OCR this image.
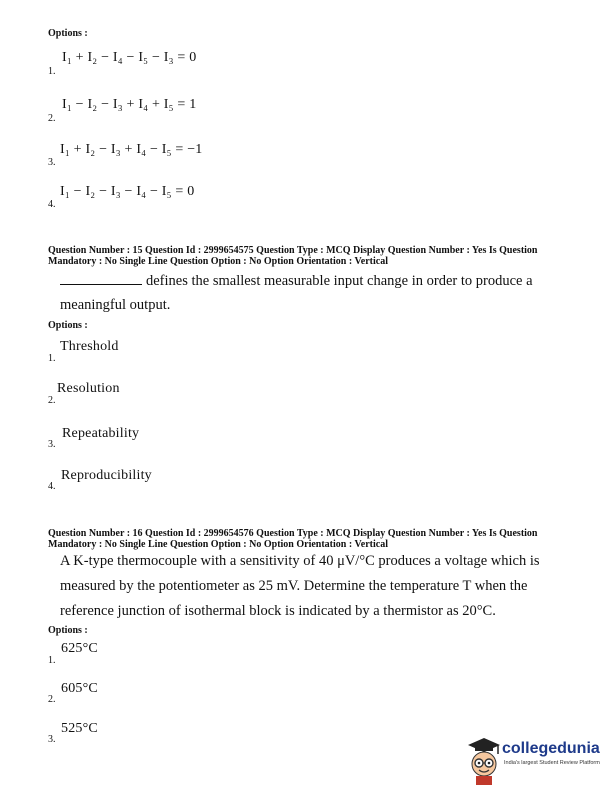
Options :
I₁ + I₂ − I₄ − I₅ − I₃ = 0
1.
I₁ − I₂ − I₃ + I₄ + I₅ = 1
2.
I₁ + I₂ − I₃ + I₄ − I₅ = −1
3.
I₁ − I₂ − I₃ − I₄ − I₅ = 0
4.
Question Number : 15 Question Id : 2999654575 Question Type : MCQ Display Question Number : Yes Is Question
Mandatory : No Single Line Question Option : No Option Orientation : Vertical
defines the smallest measurable input change in order to produce a
meaningful output.
Options :
Threshold
1.
Resolution
2.
Repeatability
3.
Reproducibility
4.
Question Number : 16 Question Id : 2999654576 Question Type : MCQ Display Question Number : Yes Is Question
Mandatory : No Single Line Question Option : No Option Orientation : Vertical
A K-type thermocouple with a sensitivity of 40 μV/°C produces a voltage which is
measured by the potentiometer as 25 mV. Determine the temperature T when the
reference junction of isothermal block is indicated by a thermistor as 20°C.
Options :
625°C
1.
605°C
2.
525°C
3.
collegedunia
India's largest Student Review Platform
